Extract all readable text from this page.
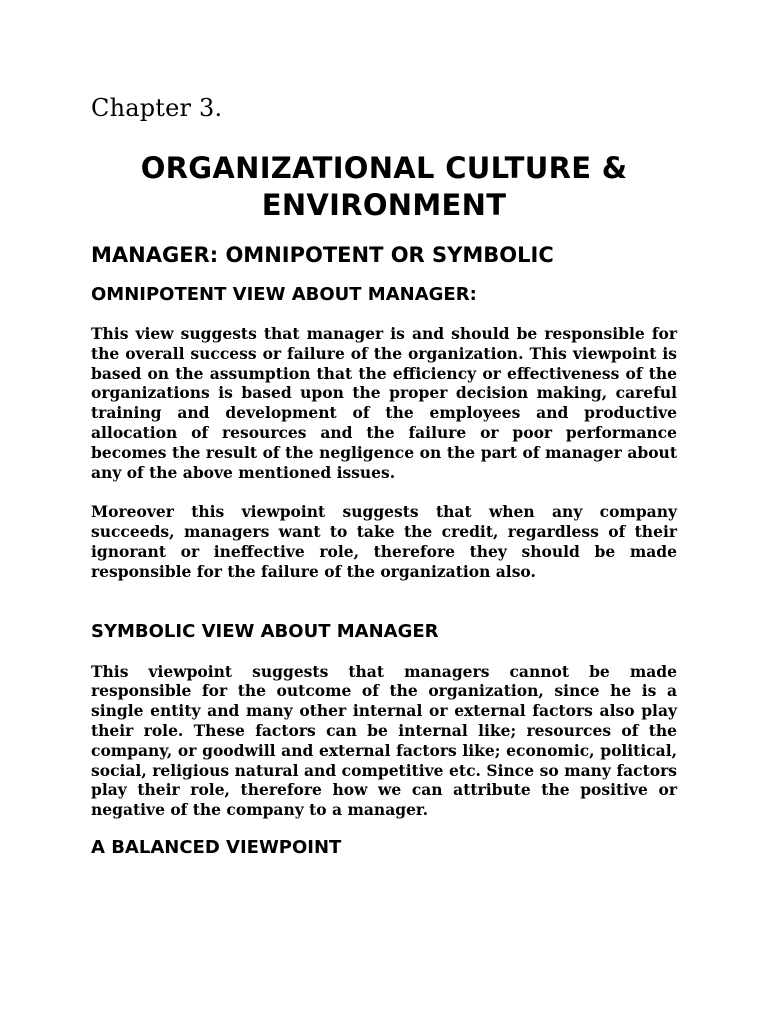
Chapter 3.
ORGANIZATIONAL CULTURE &
ENVIRONMENT
MANAGER: OMNIPOTENT OR SYMBOLIC
OMNIPOTENT VIEW ABOUT MANAGER:

This view suggests that manager is and should be responsible for the overall success or failure of the organization. This viewpoint is based on the assumption that the efficiency or effectiveness of the organizations is based upon the proper decision making, careful training and development of the employees and productive allocation of resources and the failure or poor performance becomes the result of the negligence on the part of manager about any of the above mentioned issues.

Moreover this viewpoint suggests that when any company succeeds, managers want to take the credit, regardless of their ignorant or ineffective role, therefore they should be made responsible for the failure of the organization also.

SYMBOLIC VIEW ABOUT MANAGER

This viewpoint suggests that managers cannot be made responsible for the outcome of the organization, since he is a single entity and many other internal or external factors also play their role. These factors can be internal like; resources of the company, or goodwill and external factors like; economic, political, social, religious natural and competitive etc. Since so many factors play their role, therefore how we can attribute the positive or negative of the company to a manager.

A BALANCED VIEWPOINT
